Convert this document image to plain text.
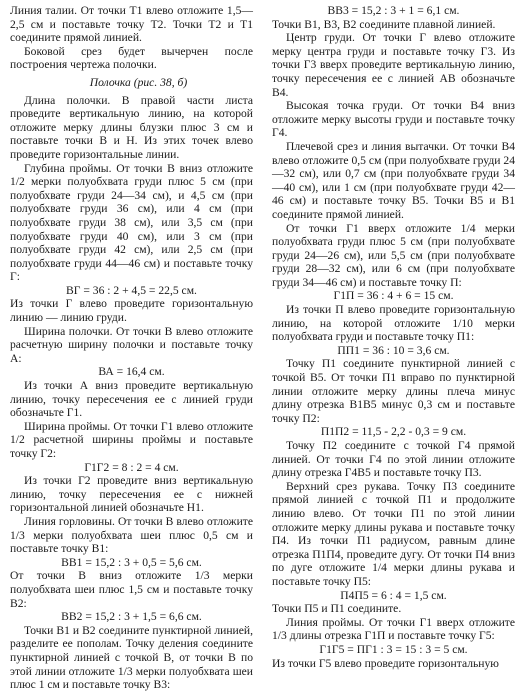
Линия талии. От точки Т1 влево отложите 1,5—2,5 см и поставьте точку Т2. Точки Т2 и Т1 соедините прямой линией.

Боковой срез будет вычерчен после построения чертежа полочки.

Полочка (рис. 38, б)

Длина полочки. В правой части листа проведите вертикальную линию, на которой отложите мерку длины блузки плюс 3 см и поставьте точки В и Н. Из этих точек влево проведите горизонтальные линии.

Глубина проймы. От точки В вниз отложите 1/2 мерки полуобхвата груди плюс 5 см (при полуобхвате груди 24—34 см), и 4,5 см (при полуобхвате груди 36 см), или 4 см (при полуобхвате груди 38 см), или 3,5 см (при полуобхвате груди 40 см), или 3 см (при полуобхвате груди 42 см), или 2,5 см (при полуобхвате груди 44—46 см) и поставьте точку Г:

ВГ = 36 : 2 + 4,5 = 22,5 см.

Из точки Г влево проведите горизонтальную линию — линию груди.

Ширина полочки. От точки В влево отложите расчетную ширину полочки и поставьте точку А:

ВА = 16,4 см.

Из точки А вниз проведите вертикальную линию, точку пересечения ее с линией груди обозначьте Г1.

Ширина проймы. От точки Г1 влево отложите 1/2 расчетной ширины проймы и поставьте точку Г2:

Г1Г2 = 8 : 2 = 4 см.

Из точки Г2 проведите вниз вертикальную линию, точку пересечения ее с нижней горизонтальной линией обозначьте Н1.

Линия горловины. От точки В влево отложите 1/3 мерки полуобхвата шеи плюс 0,5 см и поставьте точку В1:

ВВ1 = 15,2 : 3 + 0,5 = 5,6 см.

От точки В вниз отложите 1/3 мерки полуобхвата шеи плюс 1,5 см и поставьте точку В2:

ВВ2 = 15,2 : 3 + 1,5 = 6,6 см.

Точки В1 и В2 соедините пунктирной линией, разделите ее пополам. Точку деления соедините пунктирной линией с точкой В, от точки В по этой линии отложите 1/3 мерки полуобхвата шеи плюс 1 см и поставьте точку В3:

ВВ3 = 15,2 : 3 + 1 = 6,1 см.

Точки В1, В3, В2 соедините плавной линией.

Центр груди. От точки Г влево отложите мерку центра груди и поставьте точку Г3. Из точки Г3 вверх проведите вертикальную линию, точку пересечения ее с линией АВ обозначьте В4.

Высокая точка груди. От точки В4 вниз отложите мерку высоты груди и поставьте точку Г4.

Плечевой срез и линия вытачки. От точки В4 влево отложите 0,5 см (при полуобхвате груди 24—32 см), или 0,7 см (при полуобхвате груди 34—40 см), или 1 см (при полуобхвате груди 42—46 см) и поставьте точку В5. Точки В5 и В1 соедините прямой линией.

От точки Г1 вверх отложите 1/4 мерки полуобхвата груди плюс 5 см (при полуобхвате груди 24—26 см), или 5,5 см (при полуобхвате груди 28—32 см), или 6 см (при полуобхвате груди 34—46 см) и поставьте точку П:

Г1П = 36 : 4 + 6 = 15 см.

Из точки П влево проведите горизонтальную линию, на которой отложите 1/10 мерки полуобхвата груди и поставьте точку П1:

ПП1 = 36 : 10 = 3,6 см.

Точку П1 соедините пунктирной линией с точкой В5. От точки П1 вправо по пунктирной линии отложите мерку длины плеча минус длину отрезка В1В5 минус 0,3 см и поставьте точку П2:

П1П2 = 11,5 - 2,2 - 0,3 = 9 см.

Точку П2 соедините с точкой Г4 прямой линией. От точки Г4 по этой линии отложите длину отрезка Г4В5 и поставьте точку П3.

Верхний срез рукава. Точку П3 соедините прямой линией с точкой П1 и продолжите линию влево. От точки П1 по этой линии отложите мерку длины рукава и поставьте точку П4. Из точки П1 радиусом, равным длине отрезка П1П4, проведите дугу. От точки П4 вниз по дуге отложите 1/4 мерки длины рукава и поставьте точку П5:

П4П5 = 6 : 4 = 1,5 см.

Точки П5 и П1 соедините.

Линия проймы. От точки Г1 вверх отложите 1/3 длины отрезка Г1П и поставьте точку Г5:

Г1Г5 = ПГ1 : 3 = 15 : 3 = 5 см.

Из точки Г5 влево проведите горизонтальную
